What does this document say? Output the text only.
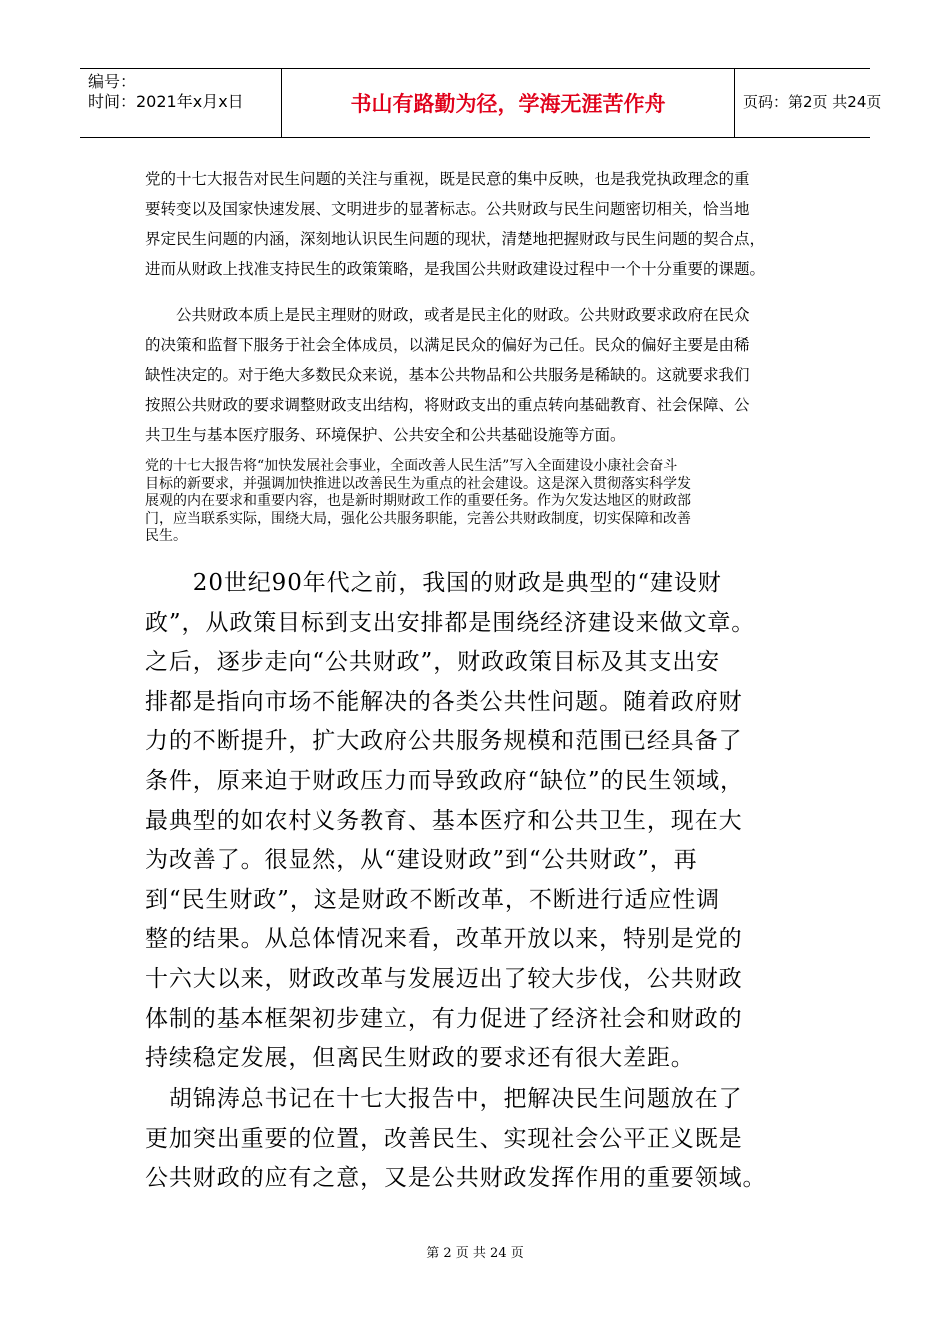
编号：
时间：2021年x月x日	书山有路勤为径，学海无涯苦作舟	页码：第2页 共24页
党的十七大报告对民生问题的关注与重视，既是民意的集中反映，也是我党执政理念的重
要转变以及国家快速发展、文明进步的显著标志。公共财政与民生问题密切相关，恰当地
界定民生问题的内涵，深刻地认识民生问题的现状，清楚地把握财政与民生问题的契合点，
进而从财政上找准支持民生的政策策略，是我国公共财政建设过程中一个十分重要的课题。
　　公共财政本质上是民主理财的财政，或者是民主化的财政。公共财政要求政府在民众
的决策和监督下服务于社会全体成员，以满足民众的偏好为己任。民众的偏好主要是由稀
缺性决定的。对于绝大多数民众来说，基本公共物品和公共服务是稀缺的。这就要求我们
按照公共财政的要求调整财政支出结构，将财政支出的重点转向基础教育、社会保障、公
共卫生与基本医疗服务、环境保护、公共安全和公共基础设施等方面。
党的十七大报告将“加快发展社会事业，全面改善人民生活”写入全面建设小康社会奋斗
目标的新要求，并强调加快推进以改善民生为重点的社会建设。这是深入贯彻落实科学发
展观的内在要求和重要内容，也是新时期财政工作的重要任务。作为欠发达地区的财政部
门，应当联系实际，围绕大局，强化公共服务职能，完善公共财政制度，切实保障和改善
民生。
　　20世纪90年代之前，我国的财政是典型的“建设财
政”，从政策目标到支出安排都是围绕经济建设来做文章。
之后，逐步走向“公共财政”，财政政策目标及其支出安
排都是指向市场不能解决的各类公共性问题。随着政府财
力的不断提升，扩大政府公共服务规模和范围已经具备了
条件，原来迫于财政压力而导致政府“缺位”的民生领域，
最典型的如农村义务教育、基本医疗和公共卫生，现在大
为改善了。很显然，从“建设财政”到“公共财政”，再
到“民生财政”，这是财政不断改革，不断进行适应性调
整的结果。从总体情况来看，改革开放以来，特别是党的
十六大以来，财政改革与发展迈出了较大步伐，公共财政
体制的基本框架初步建立，有力促进了经济社会和财政的
持续稳定发展，但离民生财政的要求还有很大差距。
　胡锦涛总书记在十七大报告中，把解决民生问题放在了
更加突出重要的位置，改善民生、实现社会公平正义既是
公共财政的应有之意，又是公共财政发挥作用的重要领域。
第 2 页 共 24 页
